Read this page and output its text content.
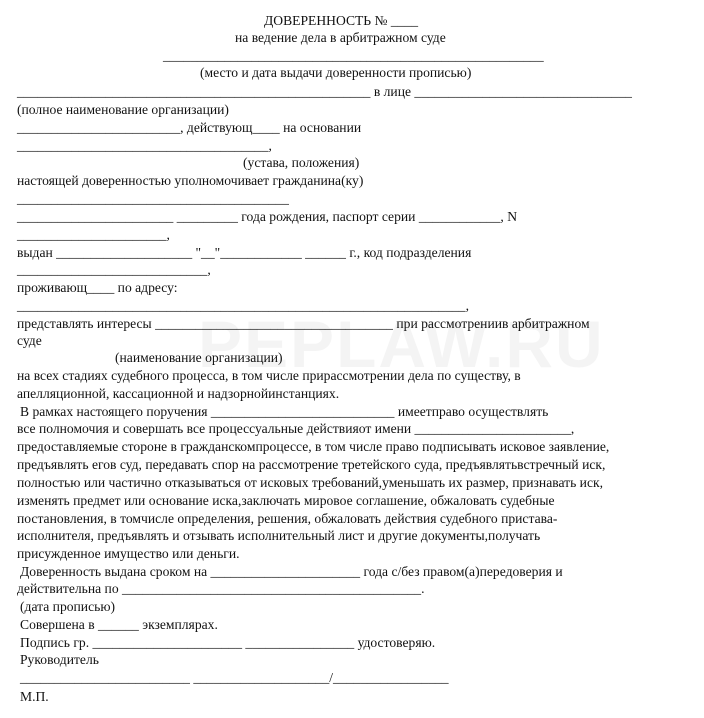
ДОВЕРЕННОСТЬ № ____
на ведение дела в арбитражном суде
________________________________________________________
(место и дата выдачи доверенности прописью)
____________________________________________________ в лице ________________________________
(полное наименование организации)
________________________, действующ____ на основании
_____________________________________,
(устава, положения)
настоящей доверенностью уполномочивает гражданина(ку)
________________________________________
_______________________ _________ года рождения, паспорт серии ____________, N
______________________,
выдан ____________________ "__"____________ ______ г., код подразделения
____________________________,
проживающ____ по адресу:
__________________________________________________________________,
представлять интересы ___________________________________ при рассмотрениив арбитражном
суде
(наименование организации)
на всех стадиях судебного процесса, в том числе прирассмотрении дела по существу, в
апелляционной, кассационной и надзорнойинстанциях.
В рамках настоящего поручения ___________________________ имеетправо осуществлять
все полномочия и совершать все процессуальные действияот имени _______________________,
предоставляемые стороне в гражданскомпроцессе, в том числе право подписывать исковое заявление,
предъявлять егов суд, передавать спор на рассмотрение третейского суда, предъявлятьвстречный иск,
полностью или частично отказываться от исковых требований,уменьшать их размер, признавать иск,
изменять предмет или основание иска,заключать мировое соглашение, обжаловать судебные
постановления, в томчисле определения, решения, обжаловать действия судебного пристава-
исполнителя, предъявлять и отзывать исполнительный лист и другие документы,получать
присужденное имущество или деньги.
Доверенность выдана сроком на ______________________ года с/без правом(а)передоверия и
действительна по ____________________________________________.
(дата прописью)
Совершена в ______ экземплярах.
Подпись гр. ______________________ ________________ удостоверяю.
Руководитель
_________________________ ____________________/_________________
М.П.
